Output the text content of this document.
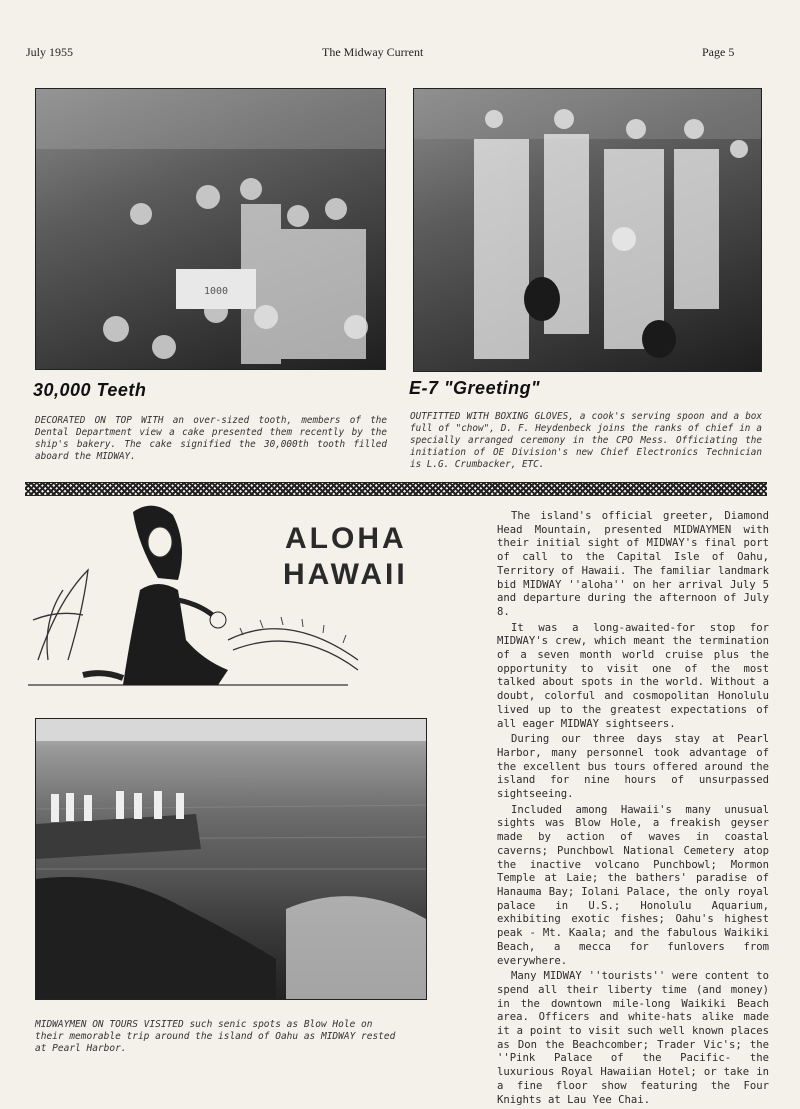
July 1955	The Midway Current	Page 5
1000
30,000 Teeth	E-7 "Greeting"
DECORATED ON TOP WITH an over-sized tooth, members of the Dental Department view a cake presented them recently by the ship's bakery. The cake signified the 30,000th tooth filled aboard the MIDWAY.
OUTFITTED WITH BOXING GLOVES, a cook's serving spoon and a box full of "chow", D. F. Heydenbeck joins the ranks of chief in a specially arranged ceremony in the CPO Mess. Officiating the initiation of OE Division's new Chief Electronics Technician is L.G. Crumbacker, ETC.
ALOHA
HAWAII
MIDWAYMEN ON TOURS VISITED such senic spots as Blow Hole on their memorable trip around the island of Oahu as MIDWAY rested at Pearl Harbor.

The island's official greeter, Diamond Head Mountain, presented MIDWAYMEN with their initial sight of MIDWAY's final port of call to the Capital Isle of Oahu, Territory of Hawaii. The familiar landmark bid MIDWAY ''aloha'' on her arrival July 5 and departure during the afternoon of July 8.

It was a long-awaited-for stop for MIDWAY's crew, which meant the termination of a seven month world cruise plus the opportunity to visit one of the most talked about spots in the world. Without a doubt, colorful and cosmopolitan Honolulu lived up to the greatest expectations of all eager MIDWAY sightseers.

During our three days stay at Pearl Harbor, many personnel took advantage of the excellent bus tours offered around the island for nine hours of unsurpassed sightseeing.

Included among Hawaii's many unusual sights was Blow Hole, a freakish geyser made by action of waves in coastal caverns; Punchbowl National Cemetery atop the inactive volcano Punchbowl; Mormon Temple at Laie; the bathers' paradise of Hanauma Bay; Iolani Palace, the only royal palace in U.S.; Honolulu Aquarium, exhibiting exotic fishes; Oahu's highest peak - Mt. Kaala; and the fabulous Waikiki Beach, a mecca for funlovers from everywhere.

Many MIDWAY ''tourists'' were content to spend all their liberty time (and money) in the downtown mile-long Waikiki Beach area. Officers and white-hats alike made it a point to visit such well known places as Don the Beachcomber; Trader Vic's; the ''Pink Palace of the Pacific- the luxurious Royal Hawaiian Hotel; or take in a fine floor show featuring the Four Knights at Lau Yee Chai.
